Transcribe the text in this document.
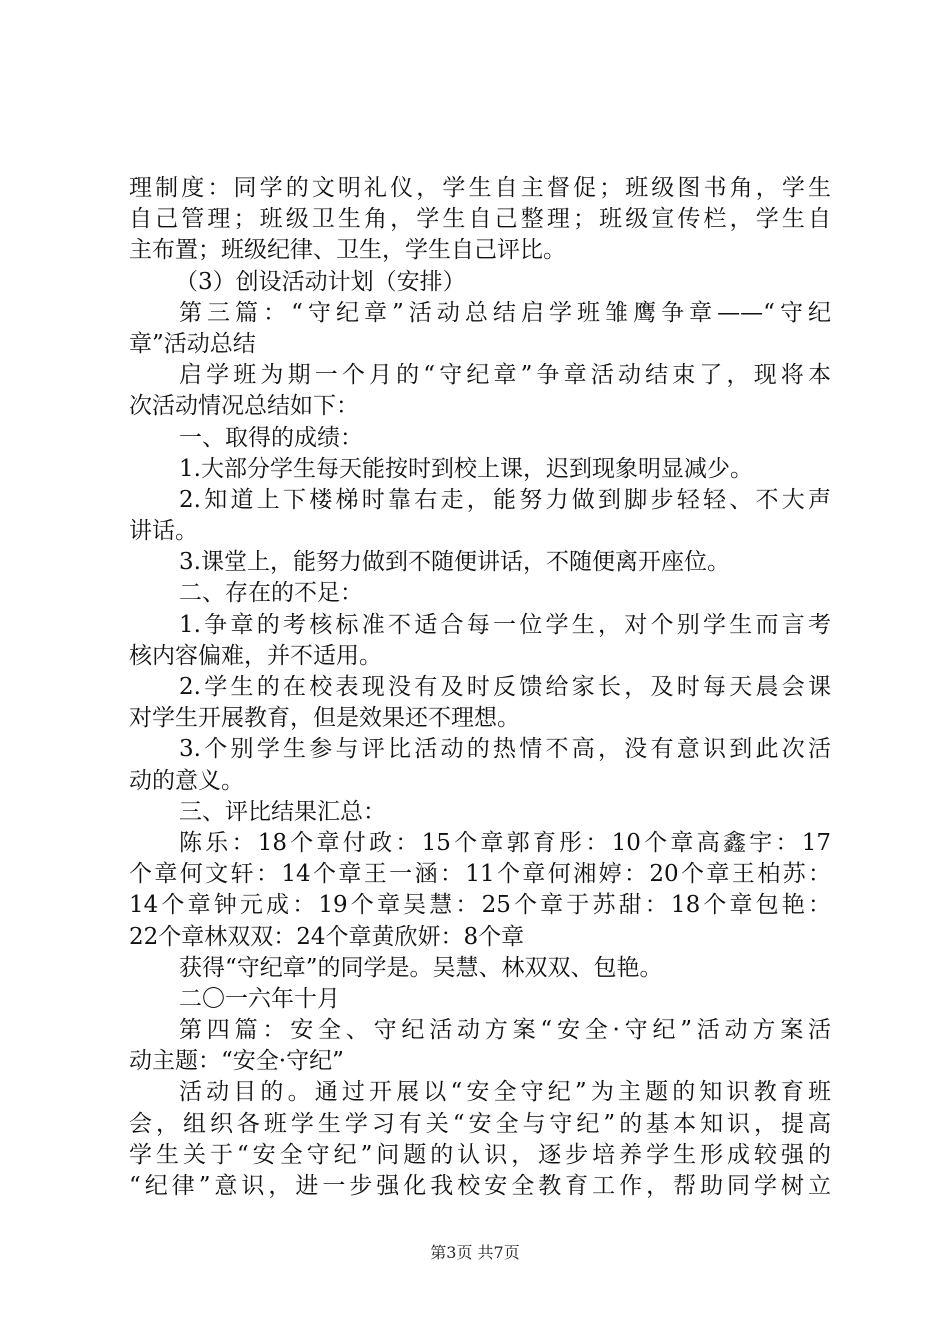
理制度：同学的文明礼仪，学生自主督促；班级图书角，学生
自己管理；班级卫生角，学生自己整理；班级宣传栏，学生自
主布置；班级纪律、卫生，学生自己评比。
（3）创设活动计划（安排）
第三篇：“守纪章”活动总结启学班雏鹰争章——“守纪
章”活动总结
启学班为期一个月的“守纪章”争章活动结束了，现将本
次活动情况总结如下：
一、取得的成绩：
1.大部分学生每天能按时到校上课，迟到现象明显减少。
2.知道上下楼梯时靠右走，能努力做到脚步轻轻、不大声
讲话。
3.课堂上，能努力做到不随便讲话，不随便离开座位。
二、存在的不足：
1.争章的考核标准不适合每一位学生，对个别学生而言考
核内容偏难，并不适用。
2.学生的在校表现没有及时反馈给家长，及时每天晨会课
对学生开展教育，但是效果还不理想。
3.个别学生参与评比活动的热情不高，没有意识到此次活
动的意义。
三、评比结果汇总：
陈乐：18个章付政：15个章郭育彤：10个章高鑫宇：17
个章何文轩：14个章王一涵：11个章何湘婷：20个章王柏苏：
14个章钟元成：19个章吴慧：25个章于苏甜：18个章包艳：
22个章林双双：24个章黄欣妍：8个章
获得“守纪章”的同学是。吴慧、林双双、包艳。
二〇一六年十月
第四篇：安全、守纪活动方案“安全·守纪”活动方案活
动主题：“安全·守纪”
活动目的。通过开展以“安全守纪”为主题的知识教育班
会，组织各班学生学习有关“安全与守纪”的基本知识，提高
学生关于“安全守纪”问题的认识，逐步培养学生形成较强的
“纪律”意识，进一步强化我校安全教育工作，帮助同学树立
第3页 共7页
